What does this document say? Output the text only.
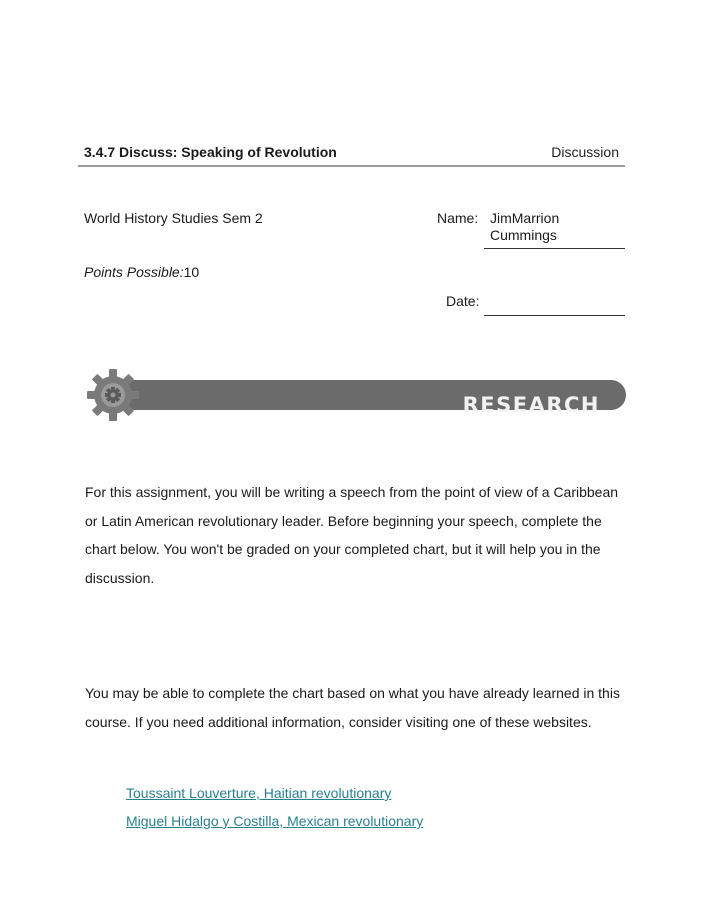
3.4.7 Discuss: Speaking of Revolution	Discussion
World History Studies Sem 2	Name: JimMarrion Cummings
Points Possible:10
Date:
RESEARCH
For this assignment, you will be writing a speech from the point of view of a Caribbean or Latin American revolutionary leader. Before beginning your speech, complete the chart below. You won't be graded on your completed chart, but it will help you in the discussion.
You may be able to complete the chart based on what you have already learned in this course. If you need additional information, consider visiting one of these websites.
Toussaint Louverture, Haitian revolutionary
Miguel Hidalgo y Costilla, Mexican revolutionary
